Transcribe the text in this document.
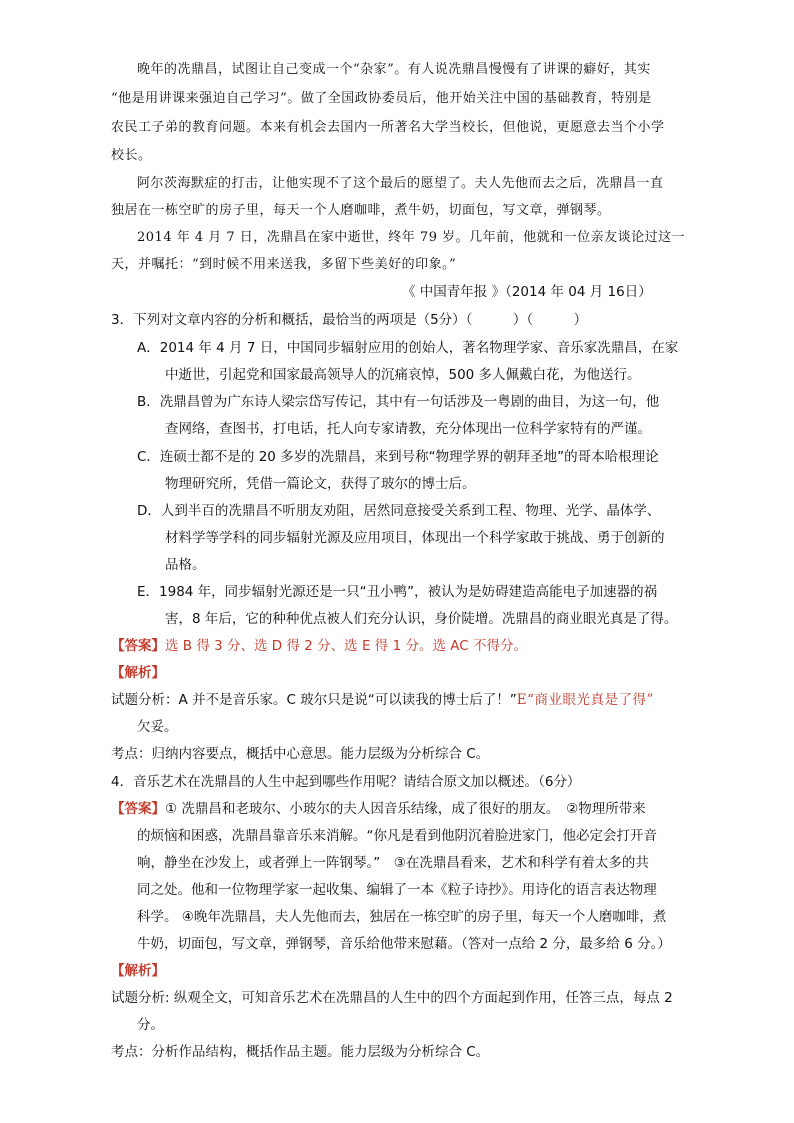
晚年的冼鼎昌，试图让自己变成一个“杂家”。有人说冼鼎昌慢慢有了讲课的癖好，其实
“他是用讲课来强迫自己学习”。做了全国政协委员后，他开始关注中国的基础教育，特别是
农民工子弟的教育问题。本来有机会去国内一所著名大学当校长，但他说，更愿意去当个小学
校长。
阿尔茨海默症的打击，让他实现不了这个最后的愿望了。夫人先他而去之后，冼鼎昌一直
独居在一栋空旷的房子里，每天一个人磨咖啡，煮牛奶，切面包，写文章，弹钢琴。
2014 年 4 月 7 日，冼鼎昌在家中逝世，终年 79 岁。几年前，他就和一位亲友谈论过这一
天，并嘱托：“到时候不用来送我，多留下些美好的印象。”
《 中国青年报 》（2014 年 04 月 16日）
3．下列对文章内容的分析和概括，最恰当的两项是（5分）（　　　）（　　　）
A．2014 年 4 月 7 日，中国同步辐射应用的创始人，著名物理学家、音乐家冼鼎昌，在家
中逝世，引起党和国家最高领导人的沉痛哀悼，500 多人佩戴白花，为他送行。
B．冼鼎昌曾为广东诗人梁宗岱写传记，其中有一句话涉及一粤剧的曲目，为这一句，他
查网络，查图书，打电话，托人向专家请教，充分体现出一位科学家特有的严谨。
C．连硕士都不是的 20 多岁的冼鼎昌，来到号称“物理学界的朝拜圣地”的哥本哈根理论
物理研究所，凭借一篇论文，获得了玻尔的博士后。
D．人到半百的冼鼎昌不听朋友劝阻，居然同意接受关系到工程、物理、光学、晶体学、
材料学等学科的同步辐射光源及应用项目，体现出一个科学家敢于挑战、勇于创新的
品格。
E．1984 年，同步辐射光源还是一只“丑小鸭”，被认为是妨碍建造高能电子加速器的祸
害，8 年后，它的种种优点被人们充分认识，身价陡增。冼鼎昌的商业眼光真是了得。
【答案】选 B 得 3 分、选 D 得 2 分、选 E 得 1 分。选 AC 不得分。
【解析】
试题分析：A 并不是音乐家。C 玻尔只是说“可以读我的博士后了！”E“商业眼光真是了得”
欠妥。
考点：归纳内容要点，概括中心意思。能力层级为分析综合 C。
4．音乐艺术在冼鼎昌的人生中起到哪些作用呢？请结合原文加以概述。（6分）
【答案】① 冼鼎昌和老玻尔、小玻尔的夫人因音乐结缘，成了很好的朋友。　②物理所带来
的烦恼和困惑，冼鼎昌靠音乐来消解。“你凡是看到他阴沉着脸进家门，他必定会打开音
响，静坐在沙发上，或者弹上一阵钢琴。”　③在冼鼎昌看来，艺术和科学有着太多的共
同之处。他和一位物理学家一起收集、编辑了一本《粒子诗抄》。用诗化的语言表达物理
科学。 ④晚年冼鼎昌，夫人先他而去，独居在一栋空旷的房子里，每天一个人磨咖啡，煮
牛奶，切面包，写文章，弹钢琴，音乐给他带来慰藉。（答对一点给 2 分，最多给 6 分。）
【解析】
试题分析: 纵观全文，可知音乐艺术在冼鼎昌的人生中的四个方面起到作用，任答三点，每点 2
分。
考点：分析作品结构，概括作品主题。能力层级为分析综合 C。
